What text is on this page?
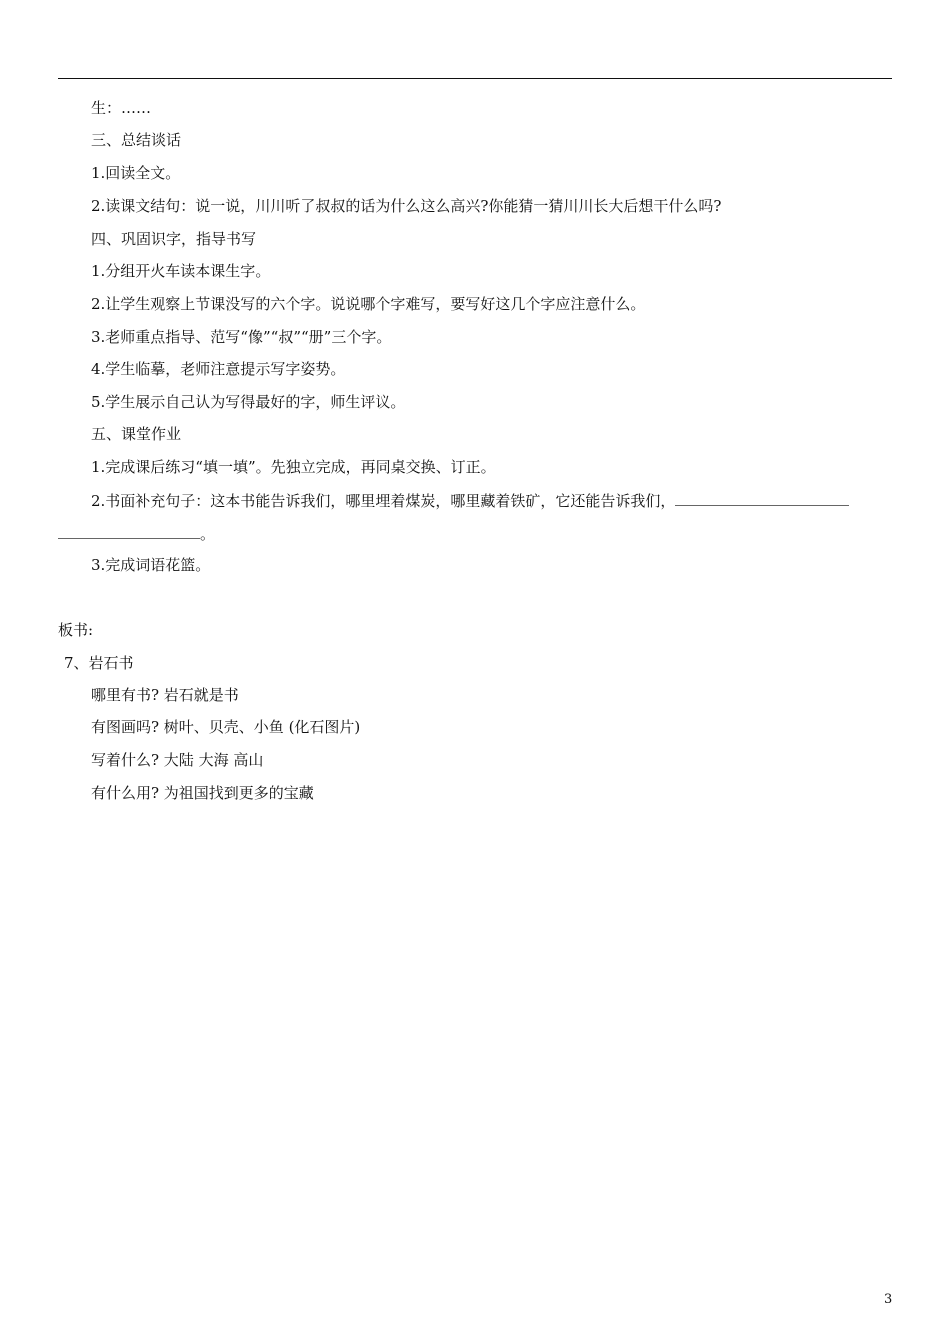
生：……
三、总结谈话
1.回读全文。
2.读课文结句：说一说，川川听了叔叔的话为什么这么高兴?你能猜一猜川川长大后想干什么吗?
四、巩固识字，指导书写
1.分组开火车读本课生字。
2.让学生观察上节课没写的六个字。说说哪个字难写，要写好这几个字应注意什么。
3.老师重点指导、范写“像”“叔”“册”三个字。
4.学生临摹，老师注意提示写字姿势。
5.学生展示自己认为写得最好的字，师生评议。
五、课堂作业
1.完成课后练习“填一填”。先独立完成，再同桌交换、订正。
2.书面补充句子：这本书能告诉我们，哪里埋着煤炭，哪里藏着铁矿，它还能告诉我们，
。
3.完成词语花篮。
板书:
7、岩石书
哪里有书? 岩石就是书
有图画吗? 树叶、贝壳、小鱼 (化石图片)
写着什么? 大陆 大海 高山
有什么用? 为祖国找到更多的宝藏
3
